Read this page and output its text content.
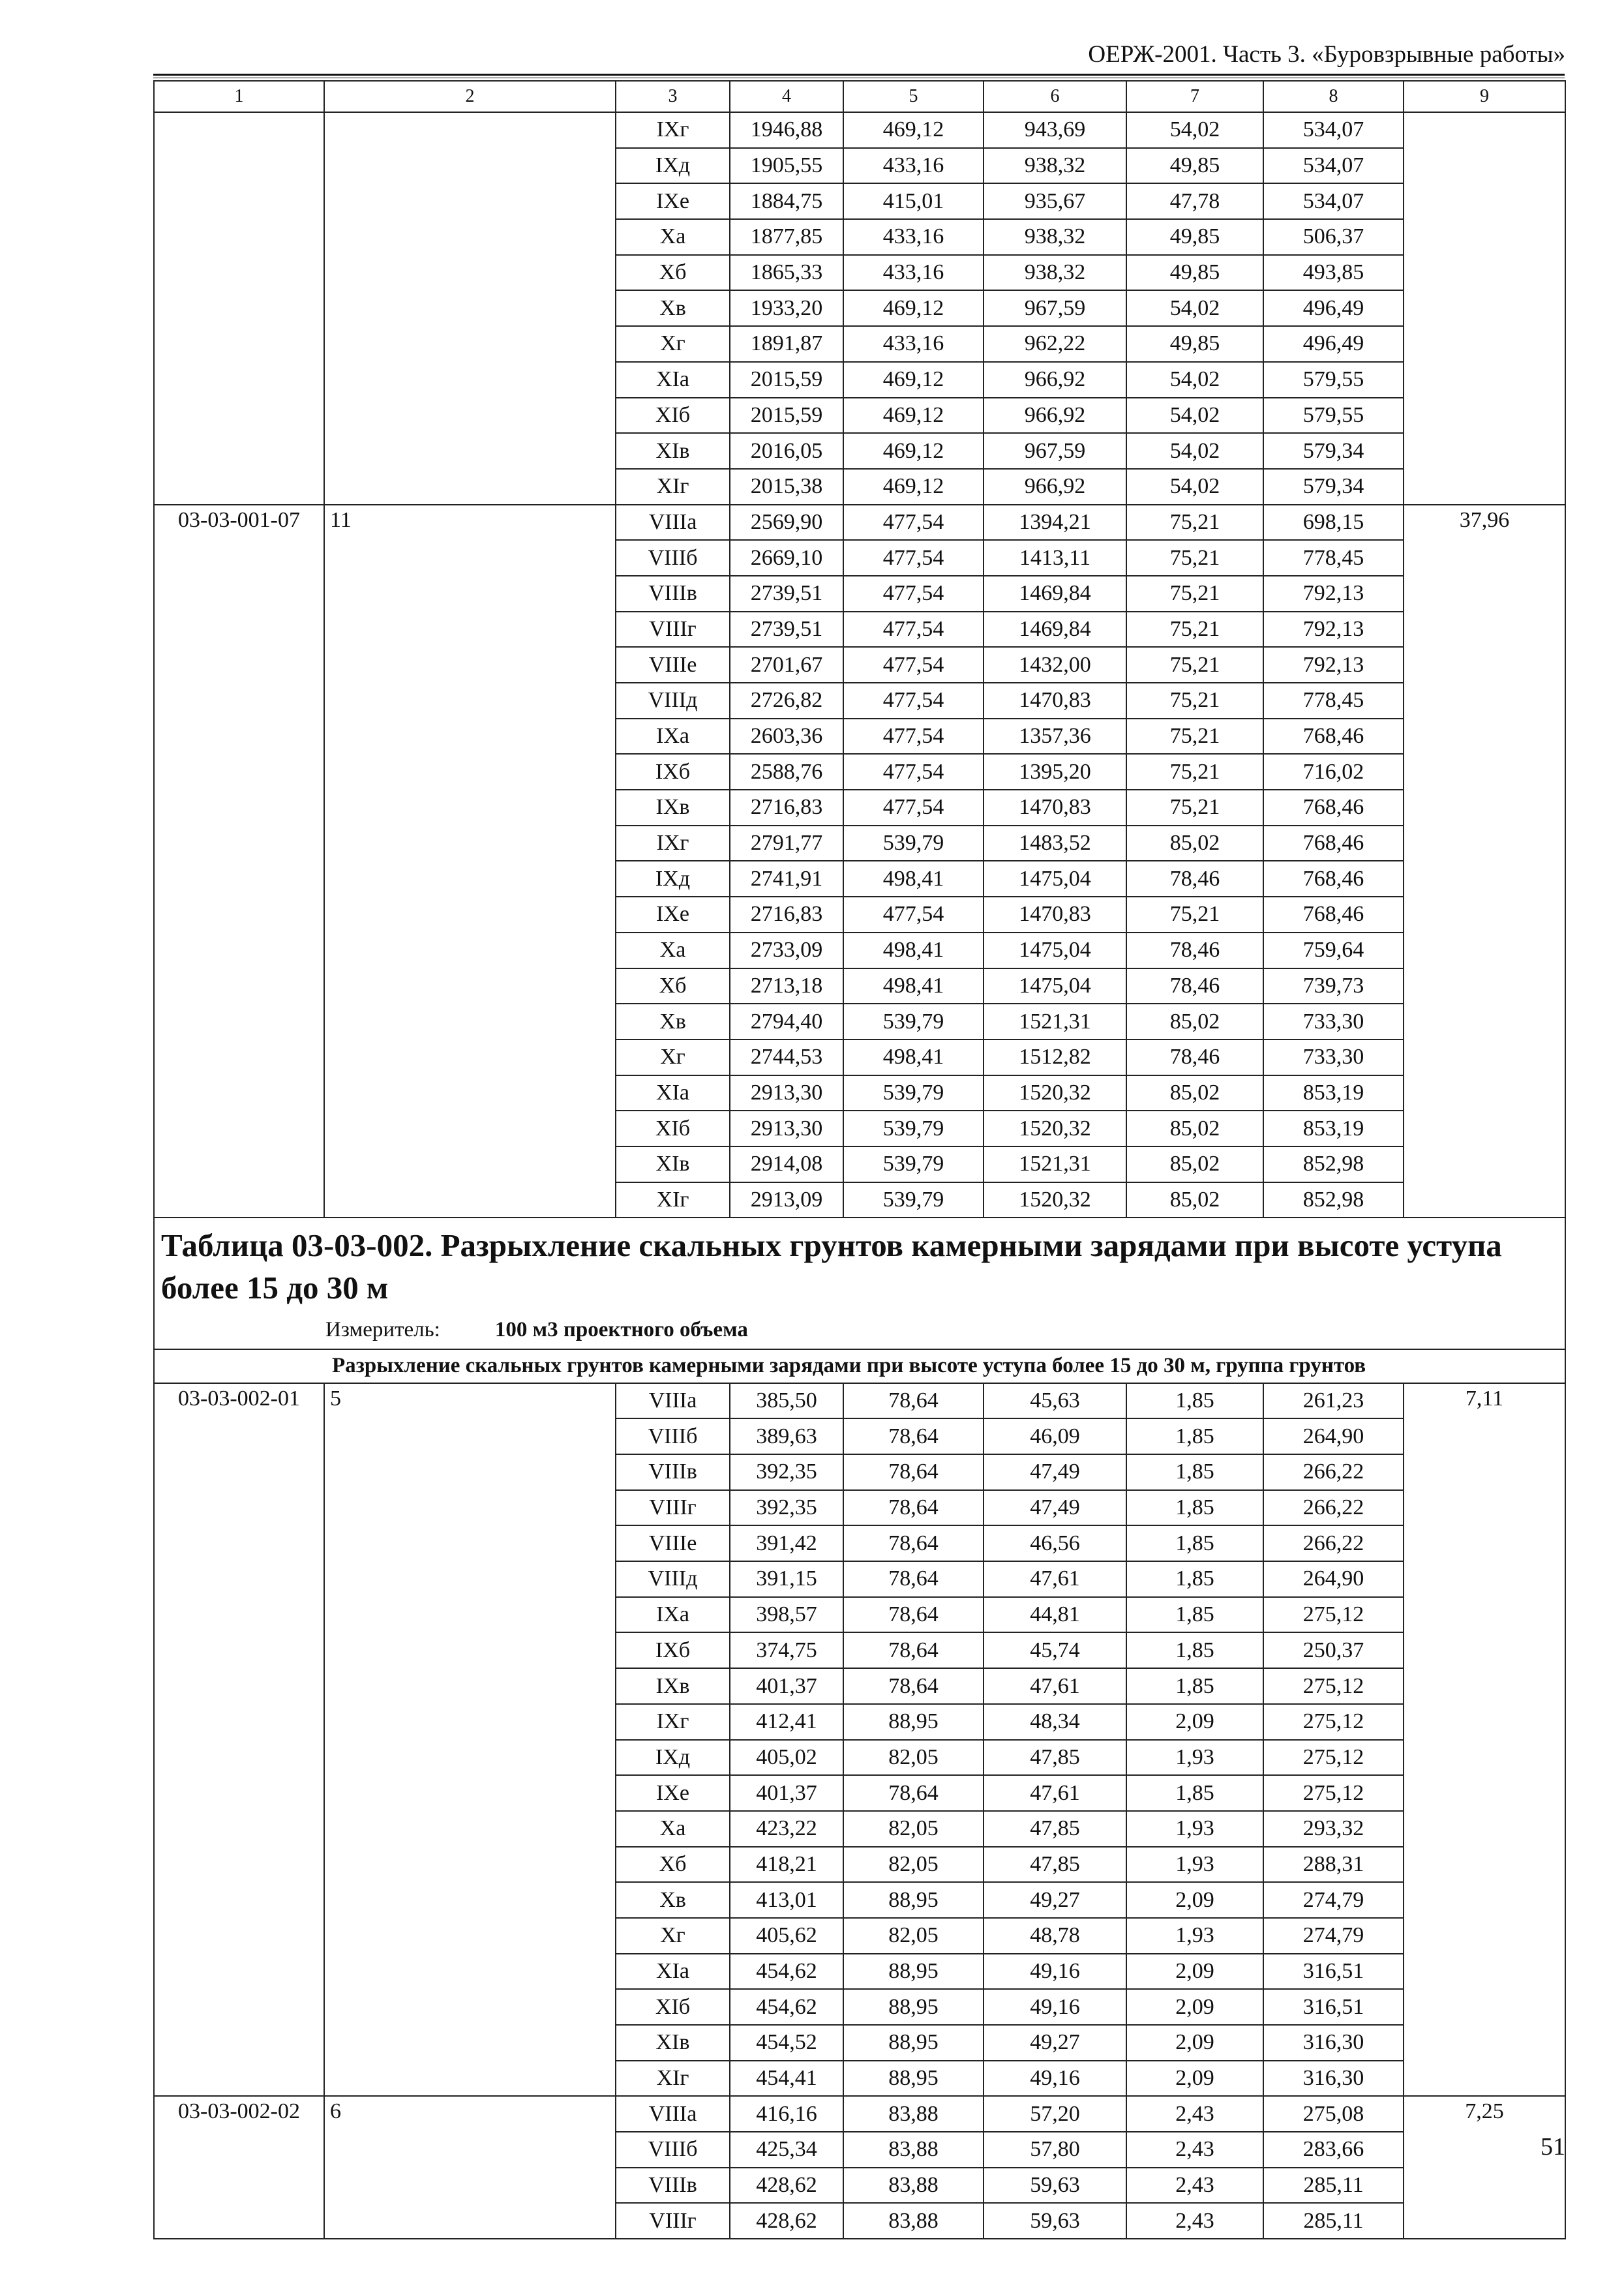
ОЕРЖ-2001. Часть 3. «Буровзрывные работы»
1	2	3	4	5	6	7	8	9
		IXг	1946,88	469,12	943,69	54,02	534,07	
		IXд	1905,55	433,16	938,32	49,85	534,07	
		IXе	1884,75	415,01	935,67	47,78	534,07	
		Xа	1877,85	433,16	938,32	49,85	506,37	
		Xб	1865,33	433,16	938,32	49,85	493,85	
		Xв	1933,20	469,12	967,59	54,02	496,49	
		Xг	1891,87	433,16	962,22	49,85	496,49	
		XIа	2015,59	469,12	966,92	54,02	579,55	
		XIб	2015,59	469,12	966,92	54,02	579,55	
		XIв	2016,05	469,12	967,59	54,02	579,34	
		XIг	2015,38	469,12	966,92	54,02	579,34	
03-03-001-07	11	VIIIа	2569,90	477,54	1394,21	75,21	698,15	37,96
		VIIIб	2669,10	477,54	1413,11	75,21	778,45	
		VIIIв	2739,51	477,54	1469,84	75,21	792,13	
		VIIIг	2739,51	477,54	1469,84	75,21	792,13	
		VIIIе	2701,67	477,54	1432,00	75,21	792,13	
		VIIIд	2726,82	477,54	1470,83	75,21	778,45	
		IXа	2603,36	477,54	1357,36	75,21	768,46	
		IXб	2588,76	477,54	1395,20	75,21	716,02	
		IXв	2716,83	477,54	1470,83	75,21	768,46	
		IXг	2791,77	539,79	1483,52	85,02	768,46	
		IXд	2741,91	498,41	1475,04	78,46	768,46	
		IXе	2716,83	477,54	1470,83	75,21	768,46	
		Xа	2733,09	498,41	1475,04	78,46	759,64	
		Xб	2713,18	498,41	1475,04	78,46	739,73	
		Xв	2794,40	539,79	1521,31	85,02	733,30	
		Xг	2744,53	498,41	1512,82	78,46	733,30	
		XIа	2913,30	539,79	1520,32	85,02	853,19	
		XIб	2913,30	539,79	1520,32	85,02	853,19	
		XIв	2914,08	539,79	1521,31	85,02	852,98	
		XIг	2913,09	539,79	1520,32	85,02	852,98	
Таблица 03-03-002. Разрыхление скальных грунтов камерными зарядами при высоте уступа более 15 до 30 м								
Измеритель: 100 м3 проектного объема								
Разрыхление скальных грунтов камерными зарядами при высоте уступа более 15 до 30 м, группа грунтов								
03-03-002-01	5	VIIIа	385,50	78,64	45,63	1,85	261,23	7,11
		VIIIб	389,63	78,64	46,09	1,85	264,90	
		VIIIв	392,35	78,64	47,49	1,85	266,22	
		VIIIг	392,35	78,64	47,49	1,85	266,22	
		VIIIе	391,42	78,64	46,56	1,85	266,22	
		VIIIд	391,15	78,64	47,61	1,85	264,90	
		IXа	398,57	78,64	44,81	1,85	275,12	
		IXб	374,75	78,64	45,74	1,85	250,37	
		IXв	401,37	78,64	47,61	1,85	275,12	
		IXг	412,41	88,95	48,34	2,09	275,12	
		IXд	405,02	82,05	47,85	1,93	275,12	
		IXе	401,37	78,64	47,61	1,85	275,12	
		Xа	423,22	82,05	47,85	1,93	293,32	
		Xб	418,21	82,05	47,85	1,93	288,31	
		Xв	413,01	88,95	49,27	2,09	274,79	
		Xг	405,62	82,05	48,78	1,93	274,79	
		XIа	454,62	88,95	49,16	2,09	316,51	
		XIб	454,62	88,95	49,16	2,09	316,51	
		XIв	454,52	88,95	49,27	2,09	316,30	
		XIг	454,41	88,95	49,16	2,09	316,30	
03-03-002-02	6	VIIIа	416,16	83,88	57,20	2,43	275,08	7,25
		VIIIб	425,34	83,88	57,80	2,43	283,66	
		VIIIв	428,62	83,88	59,63	2,43	285,11	
		VIIIг	428,62	83,88	59,63	2,43	285,11	
51
